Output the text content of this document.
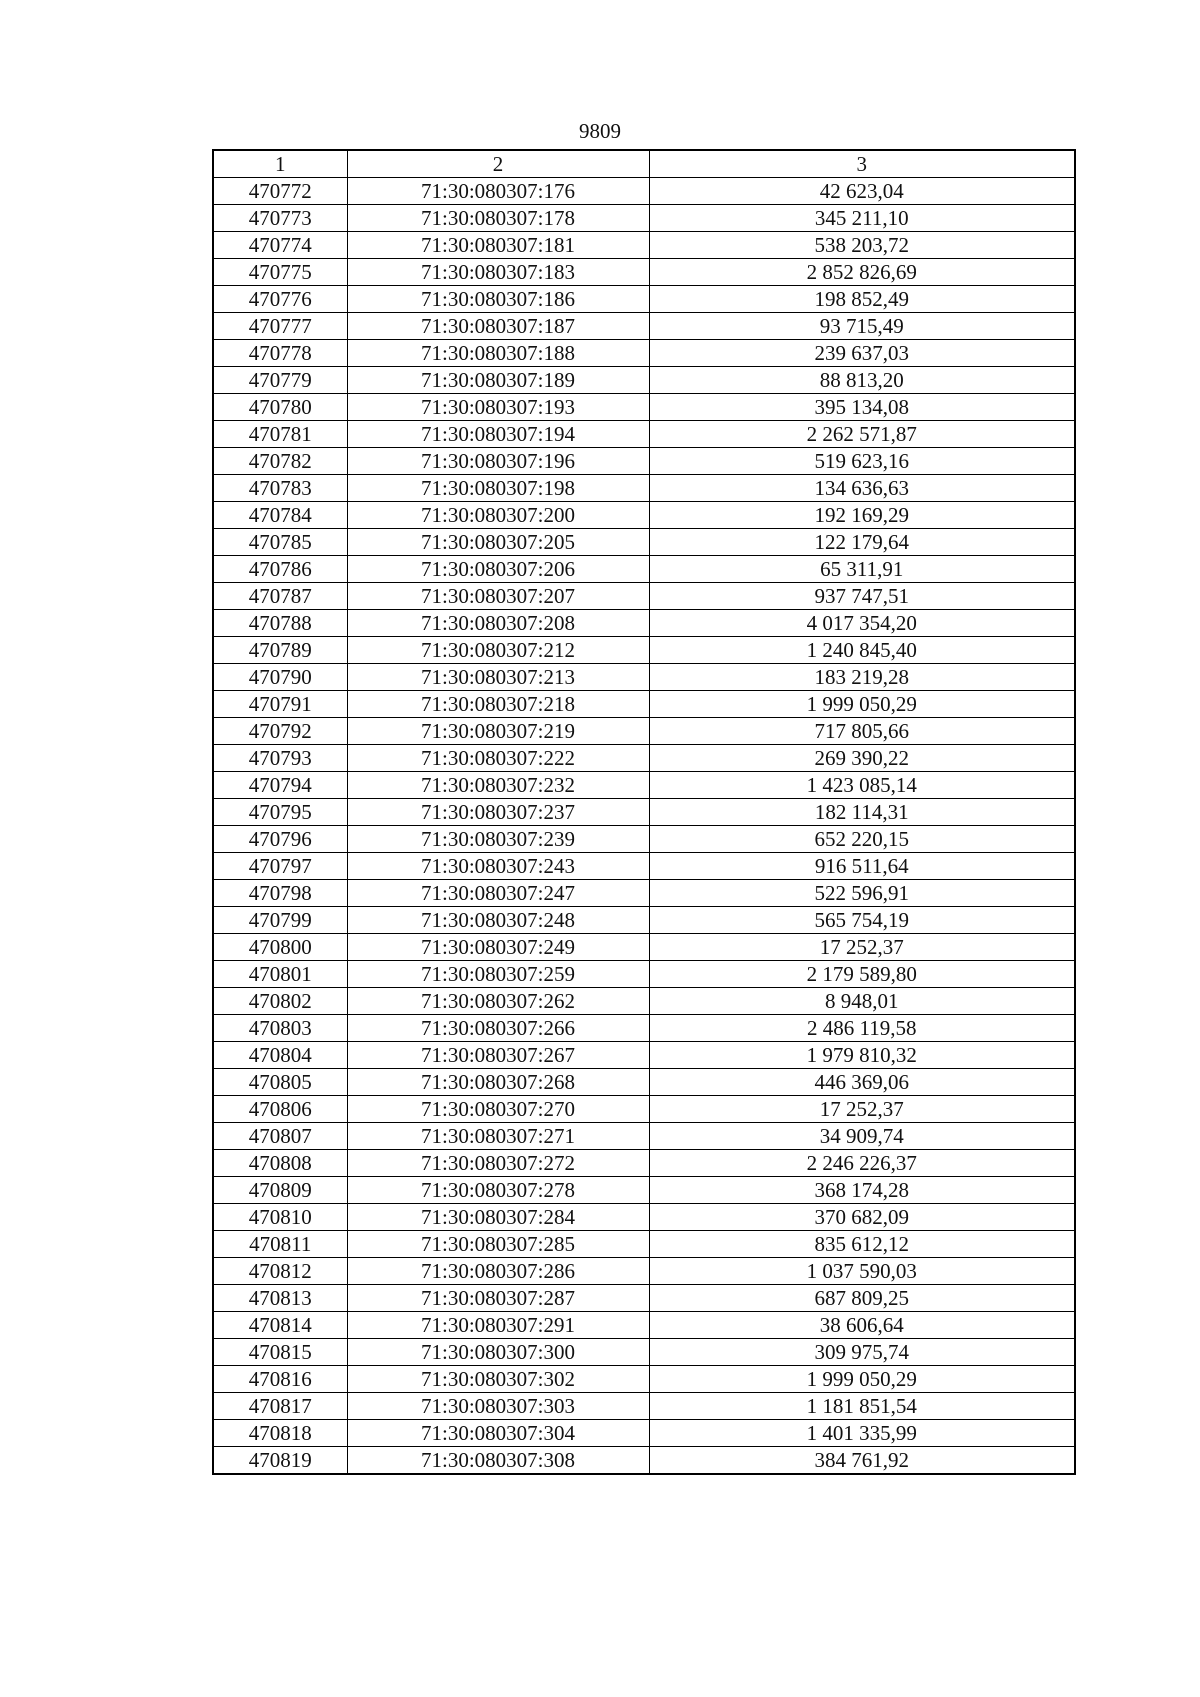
9809
1	2	3
470772	71:30:080307:176	42 623,04
470773	71:30:080307:178	345 211,10
470774	71:30:080307:181	538 203,72
470775	71:30:080307:183	2 852 826,69
470776	71:30:080307:186	198 852,49
470777	71:30:080307:187	93 715,49
470778	71:30:080307:188	239 637,03
470779	71:30:080307:189	88 813,20
470780	71:30:080307:193	395 134,08
470781	71:30:080307:194	2 262 571,87
470782	71:30:080307:196	519 623,16
470783	71:30:080307:198	134 636,63
470784	71:30:080307:200	192 169,29
470785	71:30:080307:205	122 179,64
470786	71:30:080307:206	65 311,91
470787	71:30:080307:207	937 747,51
470788	71:30:080307:208	4 017 354,20
470789	71:30:080307:212	1 240 845,40
470790	71:30:080307:213	183 219,28
470791	71:30:080307:218	1 999 050,29
470792	71:30:080307:219	717 805,66
470793	71:30:080307:222	269 390,22
470794	71:30:080307:232	1 423 085,14
470795	71:30:080307:237	182 114,31
470796	71:30:080307:239	652 220,15
470797	71:30:080307:243	916 511,64
470798	71:30:080307:247	522 596,91
470799	71:30:080307:248	565 754,19
470800	71:30:080307:249	17 252,37
470801	71:30:080307:259	2 179 589,80
470802	71:30:080307:262	8 948,01
470803	71:30:080307:266	2 486 119,58
470804	71:30:080307:267	1 979 810,32
470805	71:30:080307:268	446 369,06
470806	71:30:080307:270	17 252,37
470807	71:30:080307:271	34 909,74
470808	71:30:080307:272	2 246 226,37
470809	71:30:080307:278	368 174,28
470810	71:30:080307:284	370 682,09
470811	71:30:080307:285	835 612,12
470812	71:30:080307:286	1 037 590,03
470813	71:30:080307:287	687 809,25
470814	71:30:080307:291	38 606,64
470815	71:30:080307:300	309 975,74
470816	71:30:080307:302	1 999 050,29
470817	71:30:080307:303	1 181 851,54
470818	71:30:080307:304	1 401 335,99
470819	71:30:080307:308	384 761,92
